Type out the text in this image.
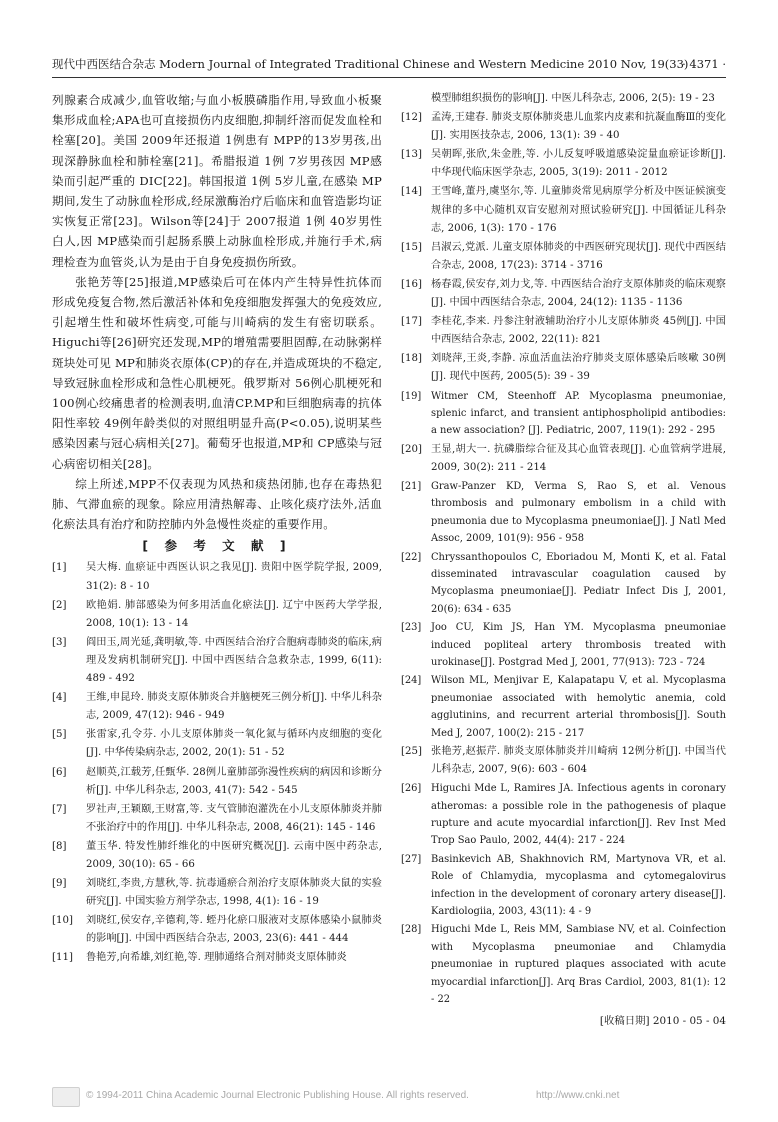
现代中西医结合杂志 Modern Journal of Integrated Traditional Chinese and Western Medicine 2010 Nov, 19(33)
· 4371 ·

列腺素合成减少,血管收缩;与血小板膜磷脂作用,导致血小板聚集形成血栓;APA也可直接损伤内皮细胞,抑制纤溶而促发血栓和栓塞[20]。美国 2009年还报道 1例患有 MPP的13岁男孩,出现深静脉血栓和肺栓塞[21]。希腊报道 1例 7岁男孩因 MP感染而引起严重的 DIC[22]。韩国报道 1例 5岁儿童,在感染 MP期间,发生了动脉血栓形成,经尿激酶治疗后临床和血管造影均证实恢复正常[23]。Wilson等[24]于 2007报道 1例 40岁男性白人,因 MP感染而引起肠系膜上动脉血栓形成,并施行手术,病理检查为血管炎,认为是由于自身免疫损伤所致。

张艳芳等[25]报道,MP感染后可在体内产生特异性抗体而形成免疫复合物,然后激活补体和免疫细胞发挥强大的免疫效应,引起增生性和破坏性病变,可能与川崎病的发生有密切联系。Higuchi等[26]研究还发现,MP的增殖需要胆固醇,在动脉粥样斑块处可见 MP和肺炎衣原体(CP)的存在,并造成斑块的不稳定,导致冠脉血栓形成和急性心肌梗死。俄罗斯对 56例心肌梗死和 100例心绞痛患者的检测表明,血清CP.MP和巨细胞病毒的抗体阳性率较 49例年龄类似的对照组明显升高(P<0.05),说明某些感染因素与冠心病相关[27]。葡萄牙也报道,MP和 CP感染与冠心病密切相关[28]。

综上所述,MPP不仅表现为风热和痰热闭肺,也存在毒热犯肺、气滞血瘀的现象。除应用清热解毒、止咳化痰疗法外,活血化瘀法具有治疗和防控肺内外急慢性炎症的重要作用。

[ 参 考 文 献 ]

[1]	吴大梅. 血瘀证中西医认识之我见[J]. 贵阳中医学院学报, 2009, 31(2): 8 - 10

[2]	欧艳娟. 肺部感染为何多用活血化瘀法[J]. 辽宁中医药大学学报, 2008, 10(1): 13 - 14

[3]	阎田玉,周光延,龚明敏,等. 中西医结合治疗合胞病毒肺炎的临床,病理及发病机制研究[J]. 中国中西医结合急救杂志, 1999, 6(11): 489 - 492

[4]	王维,申昆玲. 肺炎支原体肺炎合并脑梗死三例分析[J]. 中华儿科杂志, 2009, 47(12): 946 - 949

[5]	张雷家,孔令芬. 小儿支原体肺炎一氧化氮与循环内皮细胞的变化[J]. 中华传染病杂志, 2002, 20(1): 51 - 52

[6]	赵顺英,江载芳,任甄华. 28例儿童肺部弥漫性疾病的病因和诊断分析[J]. 中华儿科杂志, 2003, 41(7): 542 - 545

[7]	罗社声,王颖颐,王财富,等. 支气管肺泡灌洗在小儿支原体肺炎并肺不张治疗中的作用[J]. 中华儿科杂志, 2008, 46(21): 145 - 146

[8]	董玉华. 特发性肺纤维化的中医研究概况[J]. 云南中医中药杂志, 2009, 30(10): 65 - 66

[9]	刘晓红,李贵,方慧秋,等. 抗毒通瘀合剂治疗支原体肺炎大鼠的实验研究[J]. 中国实验方剂学杂志, 1998, 4(1): 16 - 19

[10]	刘晓红,侯安存,辛德莉,等. 蛭丹化瘀口服液对支原体感染小鼠肺炎的影响[J]. 中国中西医结合杂志, 2003, 23(6): 441 - 444

[11]	鲁艳芳,向希雄,刘红艳,等. 理肺通络合剂对肺炎支原体肺炎

模型肺组织损伤的影响[J]. 中医儿科杂志, 2006, 2(5): 19 - 23

[12] 孟涛,王建春. 肺炎支原体肺炎患儿血浆内皮素和抗凝血酶Ⅲ的变化[J]. 实用医技杂志, 2006, 13(1): 39 - 40

[13] 吴朝晖,张欣,朱金胜,等. 小儿反复呼吸道感染淀量血瘀证诊断[J]. 中华现代临床医学杂志, 2005, 3(19): 2011 - 2012

[14] 王雪峰,董丹,虞坚尔,等. 儿童肺炎常见病原学分析及中医证候演变规律的多中心随机双盲安慰剂对照试验研究[J]. 中国循证儿科杂志, 2006, 1(3): 170 - 176

[15] 吕淑云,党派. 儿童支原体肺炎的中西医研究现状[J]. 现代中西医结合杂志, 2008, 17(23): 3714 - 3716

[16] 杨春霞,侯安存,刘力戈,等. 中西医结合治疗支原体肺炎的临床观察[J]. 中国中西医结合杂志, 2004, 24(12): 1135 - 1136

[17] 李桂花,李来. 丹参注射液辅助治疗小儿支原体肺炎 45例[J]. 中国中西医结合杂志, 2002, 22(11): 821

[18] 刘晓萍,王炎,李静. 凉血活血法治疗肺炎支原体感染后咳嗽 30例[J]. 现代中医药, 2005(5): 39 - 39

[19] Witmer CM, Steenhoff AP. Mycoplasma pneumoniae, splenic infarct, and transient antiphospholipid antibodies: a new association? [J]. Pediatric, 2007, 119(1): 292 - 295

[20] 王显,胡大一. 抗磷脂综合征及其心血管表现[J]. 心血管病学进展, 2009, 30(2): 211 - 214

[21] Graw-Panzer KD, Verma S, Rao S, et al. Venous thrombosis and pulmonary embolism in a child with pneumonia due to Mycoplasma pneumoniae[J]. J Natl Med Assoc, 2009, 101(9): 956 - 958

[22] Chryssanthopoulos C, Eboriadou M, Monti K, et al. Fatal disseminated intravascular coagulation caused by Mycoplasma pneumoniae[J]. Pediatr Infect Dis J, 2001, 20(6): 634 - 635

[23] Joo CU, Kim JS, Han YM. Mycoplasma pneumoniae induced popliteal artery thrombosis treated with urokinase[J]. Postgrad Med J, 2001, 77(913): 723 - 724

[24] Wilson ML, Menjivar E, Kalapatapu V, et al. Mycoplasma pneumoniae associated with hemolytic anemia, cold agglutinins, and recurrent arterial thrombosis[J]. South Med J, 2007, 100(2): 215 - 217

[25] 张艳芳,赵振芹. 肺炎支原体肺炎并川崎病 12例分析[J]. 中国当代儿科杂志, 2007, 9(6): 603 - 604

[26] Higuchi Mde L, Ramires JA. Infectious agents in coronary atheromas: a possible role in the pathogenesis of plaque rupture and acute myocardial infarction[J]. Rev Inst Med Trop Sao Paulo, 2002, 44(4): 217 - 224

[27] Basinkevich AB, Shakhnovich RM, Martynova VR, et al. Role of Chlamydia, mycoplasma and cytomegalovirus infection in the development of coronary artery disease[J]. Kardiologiia, 2003, 43(11): 4 - 9

[28] Higuchi Mde L, Reis MM, Sambiase NV, et al. Coinfection with Mycoplasma pneumoniae and Chlamydia pneumoniae in ruptured plaques associated with acute myocardial infarction[J]. Arq Bras Cardiol, 2003, 81(1): 12 - 22

[收稿日期] 2010 - 05 - 04
© 1994-2011 China Academic Journal Electronic Publishing House. All rights reserved.	http://www.cnki.net
